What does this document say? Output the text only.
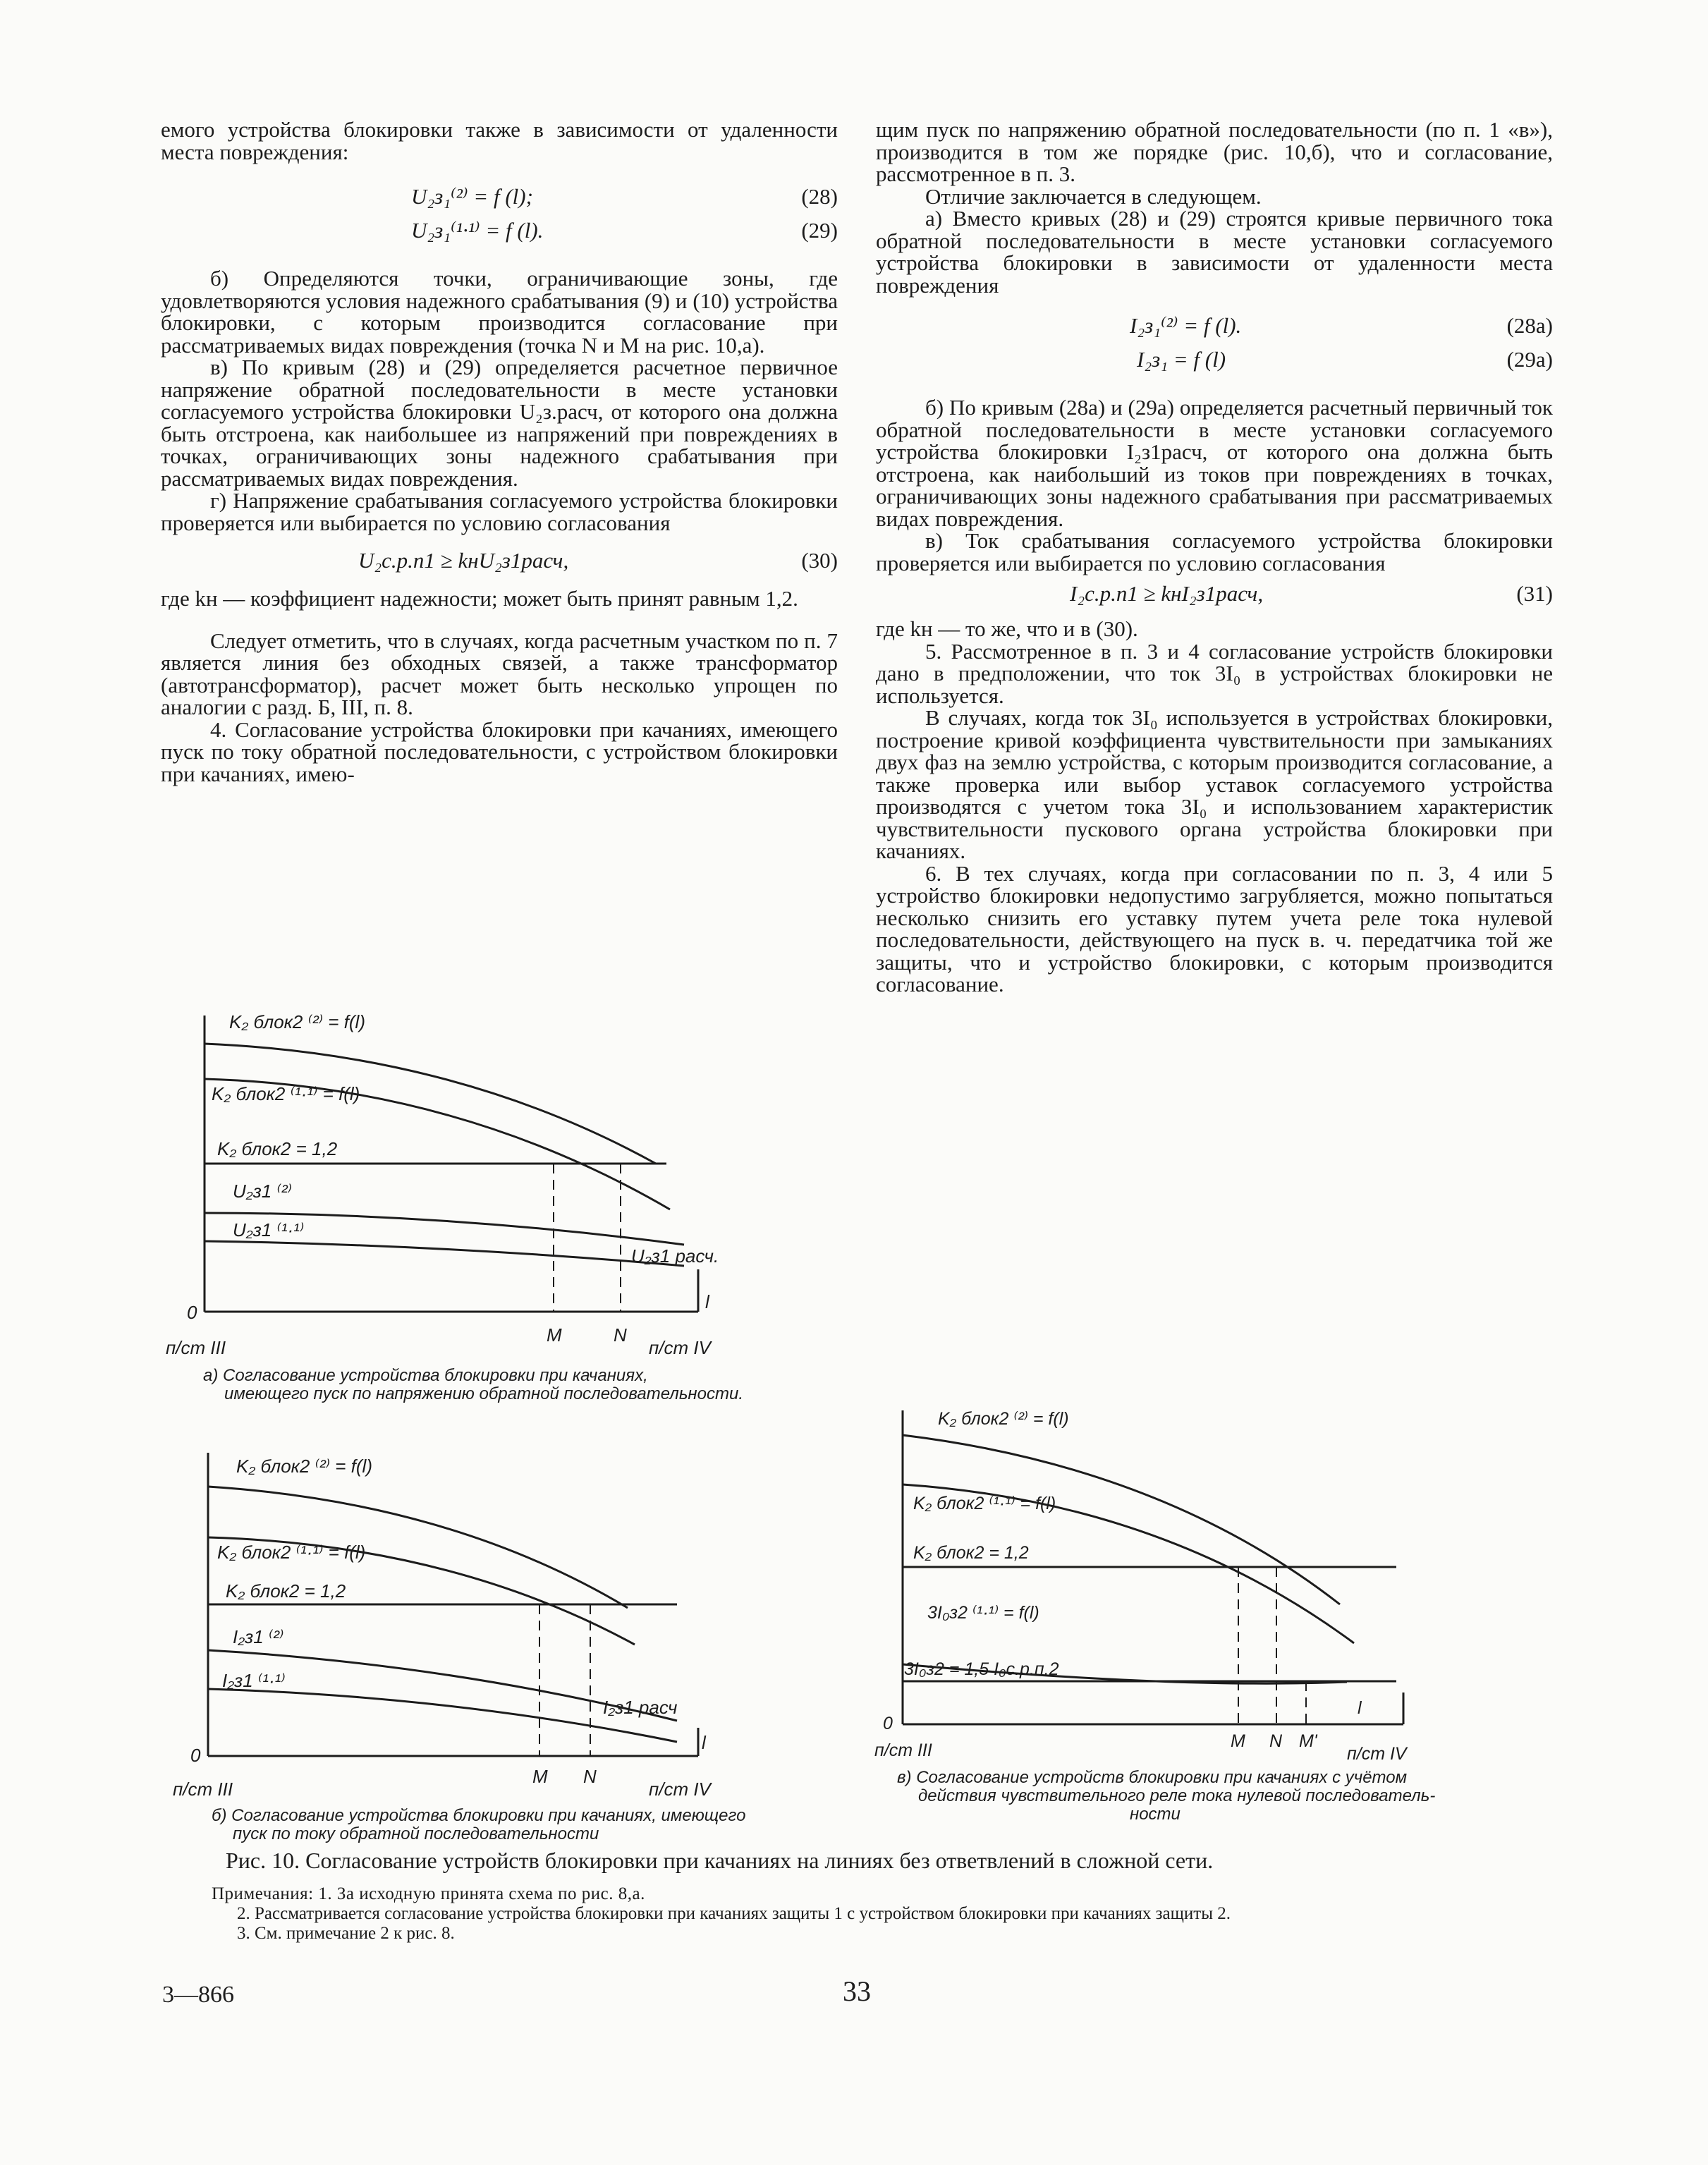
емого устройства блокировки также в зависимости от удаленности места повреждения:

U₂з₁⁽²⁾ = f (l);	(28)
U₂з₁⁽¹·¹⁾ = f (l).	(29)

б) Определяются точки, ограничивающие зоны, где удовлетворяются условия надежного срабатывания (9) и (10) устройства блокировки, с которым производится согласование при рассматриваемых видах повреждения (точка N и M на рис. 10,а).

в) По кривым (28) и (29) определяется расчетное первичное напряжение обратной последовательности в месте установки согласуемого устройства блокировки U₂з.расч, от которого она должна быть отстроена, как наибольшее из напряжений при повреждениях в точках, ограничивающих зоны надежного срабатывания при рассматриваемых видах повреждения.

г) Напряжение срабатывания согласуемого устройства блокировки проверяется или выбирается по условию согласования

U₂с.р.п1 ≥ kнU₂з1расч,	(30)

где kн — коэффициент надежности; может быть принят равным 1,2.

Следует отметить, что в случаях, когда расчетным участком по п. 7 является линия без обходных связей, а также трансформатор (автотрансформатор), расчет может быть несколько упрощен по аналогии с разд. Б, III, п. 8.

4. Согласование устройства блокировки при качаниях, имеющего пуск по току обратной последовательности, с устройством блокировки при качаниях, имею-

щим пуск по напряжению обратной последовательности (по п. 1 «в»), производится в том же порядке (рис. 10,б), что и согласование, рассмотренное в п. 3.

Отличие заключается в следующем.

а) Вместо кривых (28) и (29) строятся кривые первичного тока обратной последовательности в месте установки согласуемого устройства блокировки в зависимости от удаленности места повреждения

I₂з₁⁽²⁾ = f (l).	(28а)
I₂з₁ = f (l)	(29а)

б) По кривым (28а) и (29а) определяется расчетный первичный ток обратной последовательности в месте установки согласуемого устройства блокировки I₂з1расч, от которого она должна быть отстроена, как наибольший из токов при повреждениях в точках, ограничивающих зоны надежного срабатывания при рассматриваемых видах повреждения.

в) Ток срабатывания согласуемого устройства блокировки проверяется или выбирается по условию согласования

I₂с.р.п1 ≥ kнI₂з1расч,	(31)

где kн — то же, что и в (30).

5. Рассмотренное в п. 3 и 4 согласование устройств блокировки дано в предположении, что ток 3I₀ в устройствах блокировки не используется.

В случаях, когда ток 3I₀ используется в устройствах блокировки, построение кривой коэффициента чувствительности при замыканиях двух фаз на землю устройства, с которым производится согласование, а также проверка или выбор уставок согласуемого устройства производятся с учетом тока 3I₀ и использованием характеристик чувствительности пускового органа устройства блокировки при качаниях.

6. В тех случаях, когда при согласовании по п. 3, 4 или 5 устройство блокировки недопустимо загрубляется, можно попытаться несколько снизить его уставку путем учета реле тока нулевой последовательности, действующего на пуск в. ч. передатчика той же защиты, что и устройство блокировки, с которым производится согласование.

K₂ блок2 ⁽²⁾ = f(l)
K₂ блок2 ⁽¹·¹⁾ = f(l)
K₂ блок2 = 1,2
U₂з1 ⁽²⁾
U₂з1 ⁽¹·¹⁾
U₂з1 расч.
0	l
M	N
п/ст III	п/ст IV
а) Согласование устройства блокировки при качаниях,
имеющего пуск по напряжению обратной последовательности.
K₂ блок2 ⁽²⁾ = f(l)
K₂ блок2 ⁽¹·¹⁾ = f(l)
K₂ блок2 = 1,2
I₂з1 ⁽²⁾
I₂з1 ⁽¹·¹⁾
I₂з1 расч
0
l
M N
п/ст III	п/ст IV
б) Согласование устройства блокировки при качаниях, имеющего
пуск по току обратной последовательности
K₂ блок2 ⁽²⁾ = f(l)
K₂ блок2 ⁽¹·¹⁾ = f(l)
K₂ блок2 = 1,2
3I₀з2 ⁽¹·¹⁾ = f(l)
3I₀з2 = 1,5 I₀с.р.п.2
0
l
M N M'
п/ст III	п/ст IV
в) Согласование устройств блокировки при качаниях с учётом
действия чувствительного реле тока нулевой последователь-
ности
Рис. 10. Согласование устройств блокировки при качаниях на линиях без ответвлений в сложной сети.

Примечания: 1. За исходную принята схема по рис. 8,а.

2. Рассматривается согласование устройства блокировки при качаниях защиты 1 с устройством блокировки при качаниях защиты 2.

3. См. примечание 2 к рис. 8.

3—866	33
